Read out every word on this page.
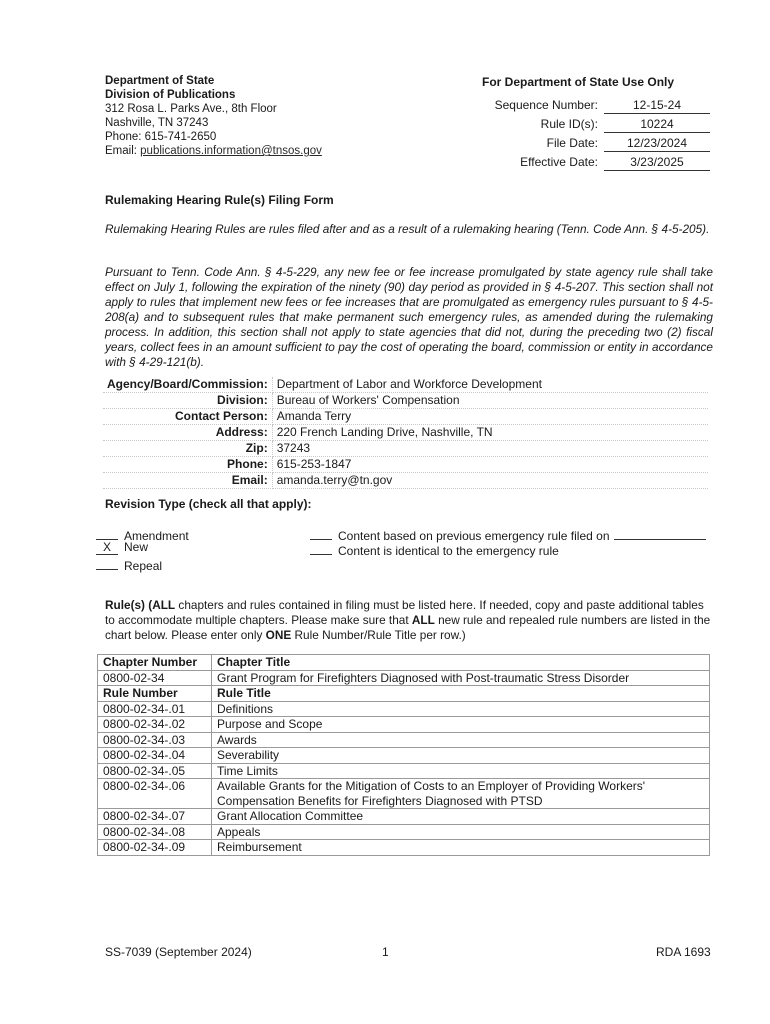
Department of State
Division of Publications
312 Rosa L. Parks Ave., 8th Floor
Nashville, TN 37243
Phone: 615-741-2650
Email: publications.information@tnsos.gov
For Department of State Use Only
Sequence Number:	12-15-24
Rule ID(s):	10224
File Date:	12/23/2024
Effective Date:	3/23/2025
Rulemaking Hearing Rule(s) Filing Form
Rulemaking Hearing Rules are rules filed after and as a result of a rulemaking hearing (Tenn. Code Ann. § 4-5-205).
Pursuant to Tenn. Code Ann. § 4-5-229, any new fee or fee increase promulgated by state agency rule shall take effect on July 1, following the expiration of the ninety (90) day period as provided in § 4-5-207. This section shall not apply to rules that implement new fees or fee increases that are promulgated as emergency rules pursuant to § 4-5-208(a) and to subsequent rules that make permanent such emergency rules, as amended during the rulemaking process. In addition, this section shall not apply to state agencies that did not, during the preceding two (2) fiscal years, collect fees in an amount sufficient to pay the cost of operating the board, commission or entity in accordance with § 4-29-121(b).
Agency/Board/Commission:	Department of Labor and Workforce Development
Division:	Bureau of Workers' Compensation
Contact Person:	Amanda Terry
Address:	220 French Landing Drive, Nashville, TN
Zip:	37243
Phone:	615-253-1847
Email:	amanda.terry@tn.gov
Revision Type (check all that apply):
Amendment
X New
Repeal
Content based on previous emergency rule filed on
Content is identical to the emergency rule
Rule(s) (ALL chapters and rules contained in filing must be listed here. If needed, copy and paste additional tables to accommodate multiple chapters. Please make sure that ALL new rule and repealed rule numbers are listed in the chart below. Please enter only ONE Rule Number/Rule Title per row.)
Chapter Number	Chapter Title
0800-02-34	Grant Program for Firefighters Diagnosed with Post-traumatic Stress Disorder
Rule Number	Rule Title
0800-02-34-.01	Definitions
0800-02-34-.02	Purpose and Scope
0800-02-34-.03	Awards
0800-02-34-.04	Severability
0800-02-34-.05	Time Limits
0800-02-34-.06	Available Grants for the Mitigation of Costs to an Employer of Providing Workers' Compensation Benefits for Firefighters Diagnosed with PTSD
0800-02-34-.07	Grant Allocation Committee
0800-02-34-.08	Appeals
0800-02-34-.09	Reimbursement
SS-7039 (September 2024)	1	RDA 1693
